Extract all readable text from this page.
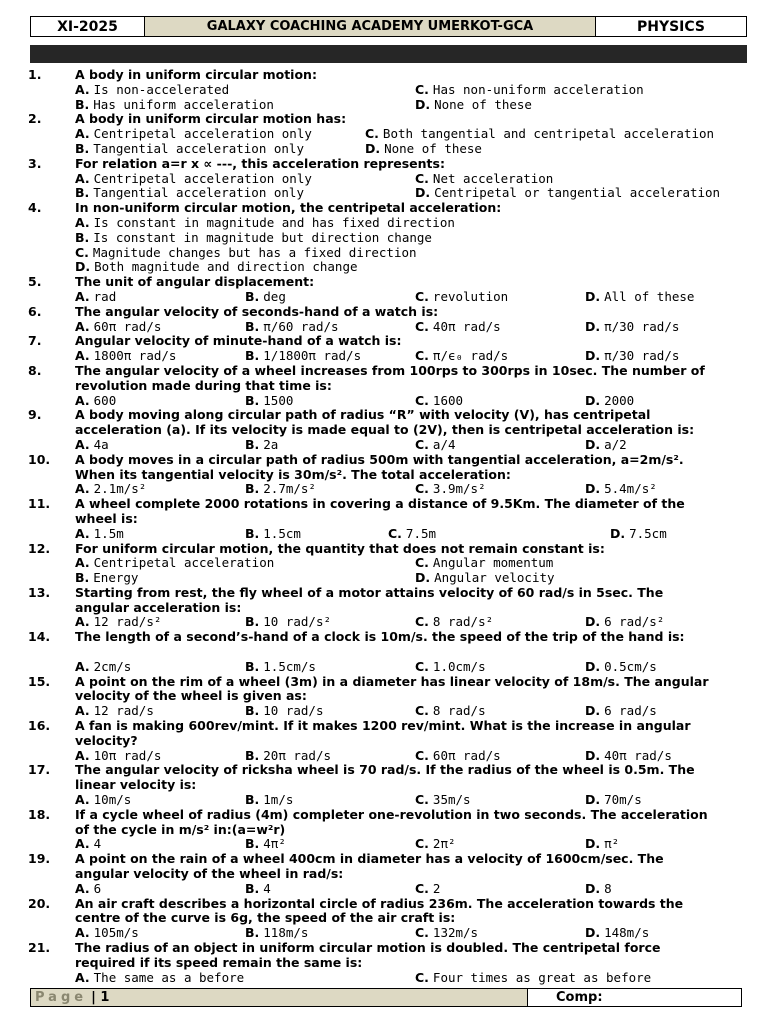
XI-2025	GALAXY COACHING ACADEMY UMERKOT-GCA	PHYSICS
1.	A body in uniform circular motion:
A. Is non-accelerated	C. Has non-uniform acceleration
B. Has uniform acceleration	D. None of these
2.	A body in uniform circular motion has:
A. Centripetal acceleration only	C. Both tangential and centripetal acceleration
B. Tangential acceleration only	D. None of these
3.	For relation a=r x ∝ ---, this acceleration represents:
A. Centripetal acceleration only	C. Net acceleration
B. Tangential acceleration only	D. Centripetal or tangential acceleration
4.	In non-uniform circular motion, the centripetal acceleration:
A. Is constant in magnitude and has fixed direction
B. Is constant in magnitude but direction change
C. Magnitude changes but has a fixed direction
D. Both magnitude and direction change
5.	The unit of angular displacement:
A. rad	B. deg	C. revolution	D. All of these
6.	The angular velocity of seconds-hand of a watch is:
A. 60π rad/s	B. π/60 rad/s	C. 40π rad/s	D. π/30 rad/s
7.	Angular velocity of minute-hand of a watch is:
A. 1800π rad/s	B. 1/1800π rad/s	C. π/ϵ₀ rad/s	D. π/30 rad/s
8.	The angular velocity of a wheel increases from 100rps to 300rps in 10sec. The number of
revolution made during that time is:
A. 600	B. 1500	C. 1600	D. 2000
9.	A body moving along circular path of radius “R” with velocity (V), has centripetal
acceleration (a). If its velocity is made equal to (2V), then is centripetal acceleration is:
A. 4a	B. 2a	C. a/4	D. a/2
10.	A body moves in a circular path of radius 500m with tangential acceleration, a=2m/s².
When its tangential velocity is 30m/s². The total acceleration:
A. 2.1m/s²	B. 2.7m/s²	C. 3.9m/s²	D. 5.4m/s²
11.	A wheel complete 2000 rotations in covering a distance of 9.5Km. The diameter of the
wheel is:
A. 1.5m	B. 1.5cm	C. 7.5m	D. 7.5cm
12.	For uniform circular motion, the quantity that does not remain constant is:
A. Centripetal acceleration	C. Angular momentum
B. Energy	D. Angular velocity
13.	Starting from rest, the fly wheel of a motor attains velocity of 60 rad/s in 5sec. The
angular acceleration is:
A. 12 rad/s²	B. 10 rad/s²	C. 8 rad/s²	D. 6 rad/s²
14.	The length of a second’s-hand of a clock is 10m/s. the speed of the trip of the hand is:
A. 2cm/s	B. 1.5cm/s	C. 1.0cm/s	D. 0.5cm/s
15.	A point on the rim of a wheel (3m) in a diameter has linear velocity of 18m/s. The angular
velocity of the wheel is given as:
A. 12 rad/s	B. 10 rad/s	C. 8 rad/s	D. 6 rad/s
16.	A fan is making 600rev/mint. If it makes 1200 rev/mint. What is the increase in angular
velocity?
A. 10π rad/s	B. 20π rad/s	C. 60π rad/s	D. 40π rad/s
17.	The angular velocity of ricksha wheel is 70 rad/s. If the radius of the wheel is 0.5m. The
linear velocity is:
A. 10m/s	B. 1m/s	C. 35m/s	D. 70m/s
18.	If a cycle wheel of radius (4m) completer one-revolution in two seconds. The acceleration
of the cycle in m/s² in:(a=w²r)
A. 4	B. 4π²	C. 2π²	D. π²
19.	A point on the rain of a wheel 400cm in diameter has a velocity of 1600cm/sec. The
angular velocity of the wheel in rad/s:
A. 6	B. 4	C. 2	D. 8
20.	An air craft describes a horizontal circle of radius 236m. The acceleration towards the
centre of the curve is 6g, the speed of the air craft is:
A. 105m/s	B. 118m/s	C. 132m/s	D. 148m/s
21.	The radius of an object in uniform circular motion is doubled. The centripetal force
required if its speed remain the same is:
A. The same as a before	C. Four times as great as before
Page | 1	Comp:
